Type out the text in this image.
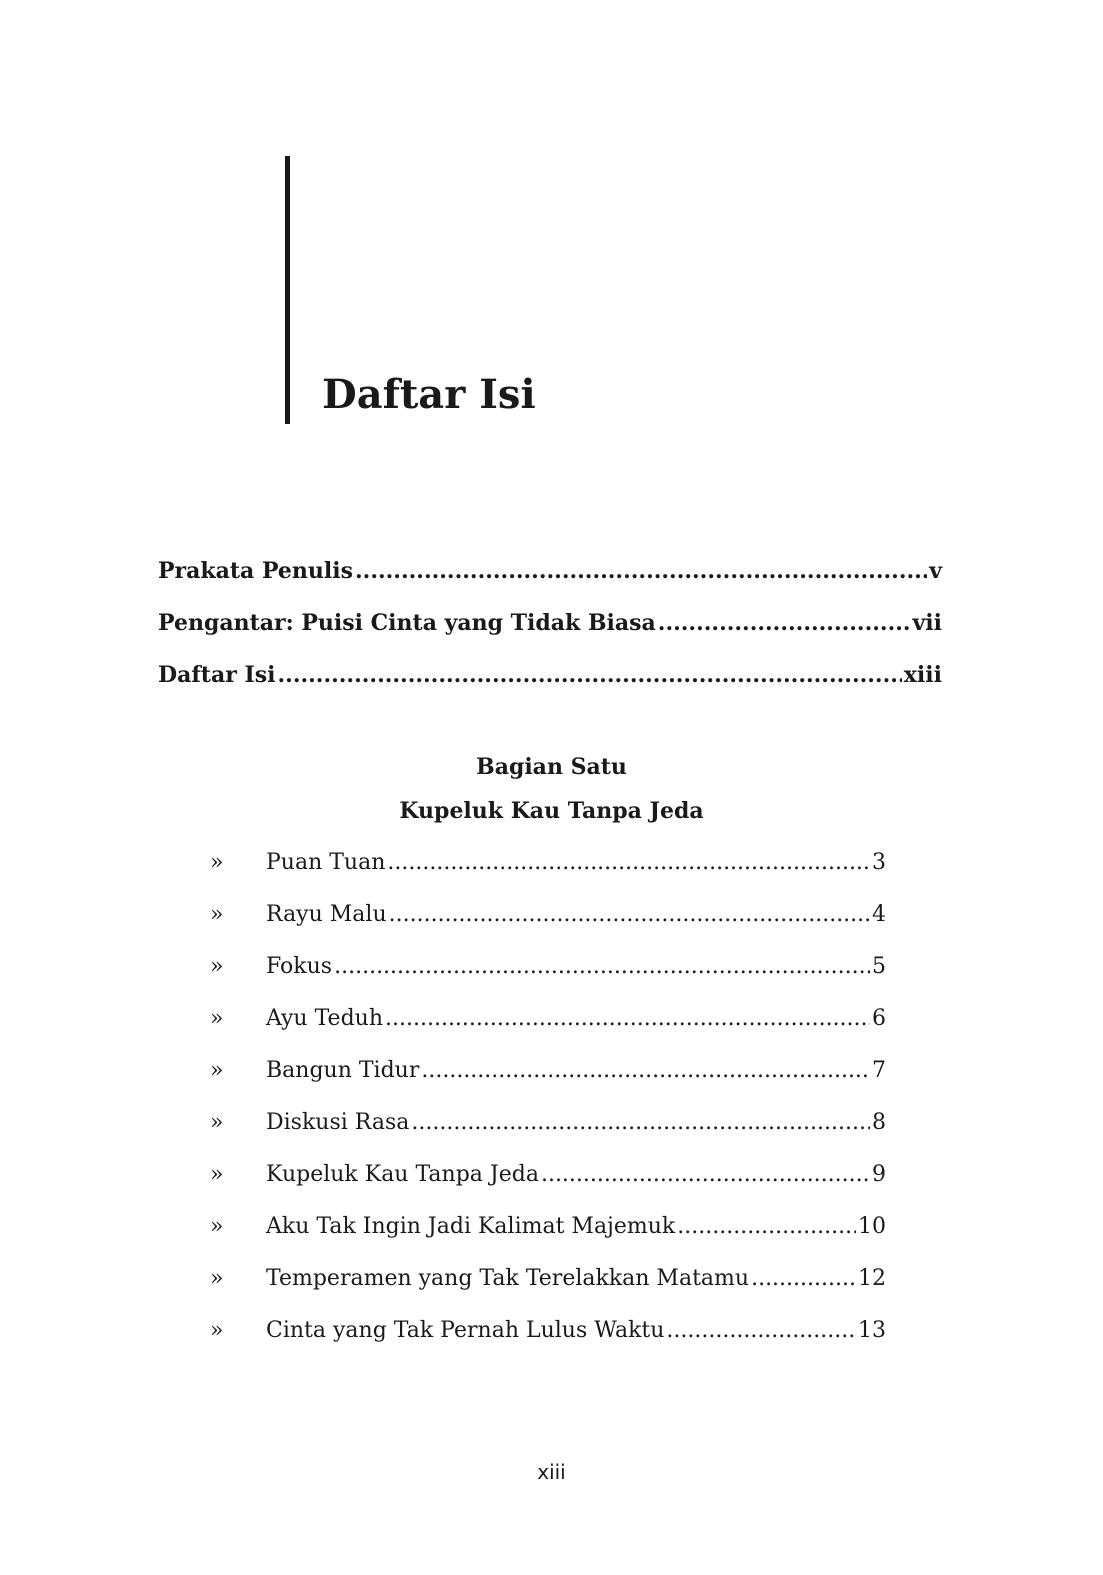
Daftar Isi
Prakata Penulis .....	v
Pengantar: Puisi Cinta yang Tidak Biasa .....	vii
Daftar Isi .....	xiii
Bagian Satu
Kupeluk Kau Tanpa Jeda
»	Puan Tuan .....	3
»	Rayu Malu .....	4
»	Fokus .....	5
»	Ayu Teduh .....	6
»	Bangun Tidur .....	7
»	Diskusi Rasa .....	8
»	Kupeluk Kau Tanpa Jeda .....	9
»	Aku Tak Ingin Jadi Kalimat Majemuk .....	10
»	Temperamen yang Tak Terelakkan Matamu .....	12
»	Cinta yang Tak Pernah Lulus Waktu .....	13
xiii
